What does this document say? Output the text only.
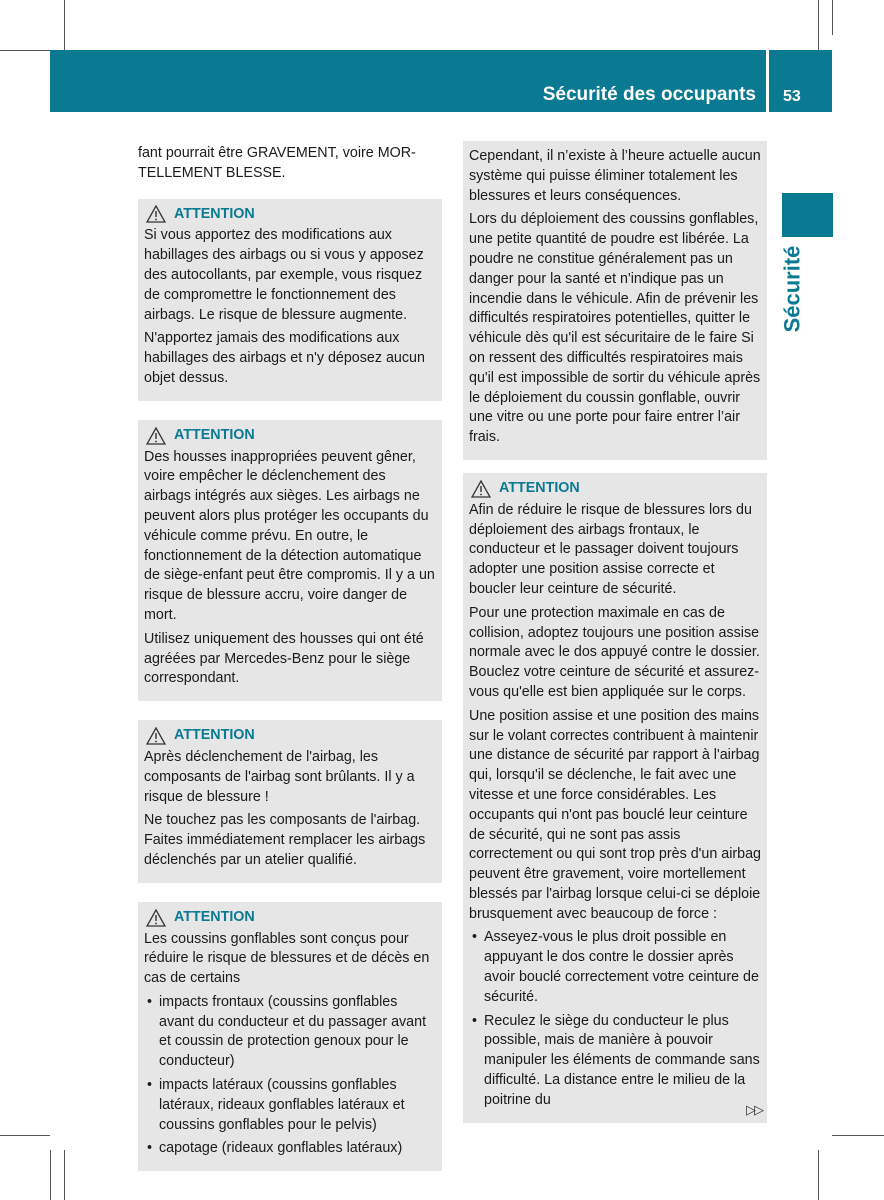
Sécurité des occupants 53
Sécurité

fant pourrait être GRAVEMENT, voire MOR-TELLEMENT BLESSE.

ATTENTION

Si vous apportez des modifications aux habillages des airbags ou si vous y apposez des autocollants, par exemple, vous risquez de compromettre le fonctionnement des airbags. Le risque de blessure augmente.

N'apportez jamais des modifications aux habillages des airbags et n'y déposez aucun objet dessus.

ATTENTION

Des housses inappropriées peuvent gêner, voire empêcher le déclenchement des airbags intégrés aux sièges. Les airbags ne peuvent alors plus protéger les occupants du véhicule comme prévu. En outre, le fonctionnement de la détection automatique de siège-enfant peut être compromis. Il y a un risque de blessure accru, voire danger de mort.

Utilisez uniquement des housses qui ont été agréées par Mercedes-Benz pour le siège correspondant.

ATTENTION

Après déclenchement de l'airbag, les composants de l'airbag sont brûlants. Il y a risque de blessure !

Ne touchez pas les composants de l'airbag. Faites immédiatement remplacer les airbags déclenchés par un atelier qualifié.

ATTENTION

Les coussins gonflables sont conçus pour réduire le risque de blessures et de décès en cas de certains

• impacts frontaux (coussins gonflables avant du conducteur et du passager avant et coussin de protection genoux pour le conducteur)
• impacts latéraux (coussins gonflables latéraux, rideaux gonflables latéraux et coussins gonflables pour le pelvis)
• capotage (rideaux gonflables latéraux)

Cependant, il n’existe à l’heure actuelle aucun système qui puisse éliminer totalement les blessures et leurs conséquences.

Lors du déploiement des coussins gonflables, une petite quantité de poudre est libérée. La poudre ne constitue généralement pas un danger pour la santé et n'indique pas un incendie dans le véhicule. Afin de prévenir les difficultés respiratoires potentielles, quitter le véhicule dès qu'il est sécuritaire de le faire Si on ressent des difficultés respiratoires mais qu'il est impossible de sortir du véhicule après le déploiement du coussin gonflable, ouvrir une vitre ou une porte pour faire entrer l’air frais.

ATTENTION

Afin de réduire le risque de blessures lors du déploiement des airbags frontaux, le conducteur et le passager doivent toujours adopter une position assise correcte et boucler leur ceinture de sécurité.

Pour une protection maximale en cas de collision, adoptez toujours une position assise normale avec le dos appuyé contre le dossier. Bouclez votre ceinture de sécurité et assurez-vous qu'elle est bien appliquée sur le corps.

Une position assise et une position des mains sur le volant correctes contribuent à maintenir une distance de sécurité par rapport à l'airbag qui, lorsqu'il se déclenche, le fait avec une vitesse et une force considérables. Les occupants qui n'ont pas bouclé leur ceinture de sécurité, qui ne sont pas assis correctement ou qui sont trop près d'un airbag peuvent être gravement, voire mortellement blessés par l'airbag lorsque celui-ci se déploie brusquement avec beaucoup de force :

• Asseyez-vous le plus droit possible en appuyant le dos contre le dossier après avoir bouclé correctement votre ceinture de sécurité.
• Reculez le siège du conducteur le plus possible, mais de manière à pouvoir manipuler les éléments de commande sans difficulté. La distance entre le milieu de la poitrine du
▷▷
